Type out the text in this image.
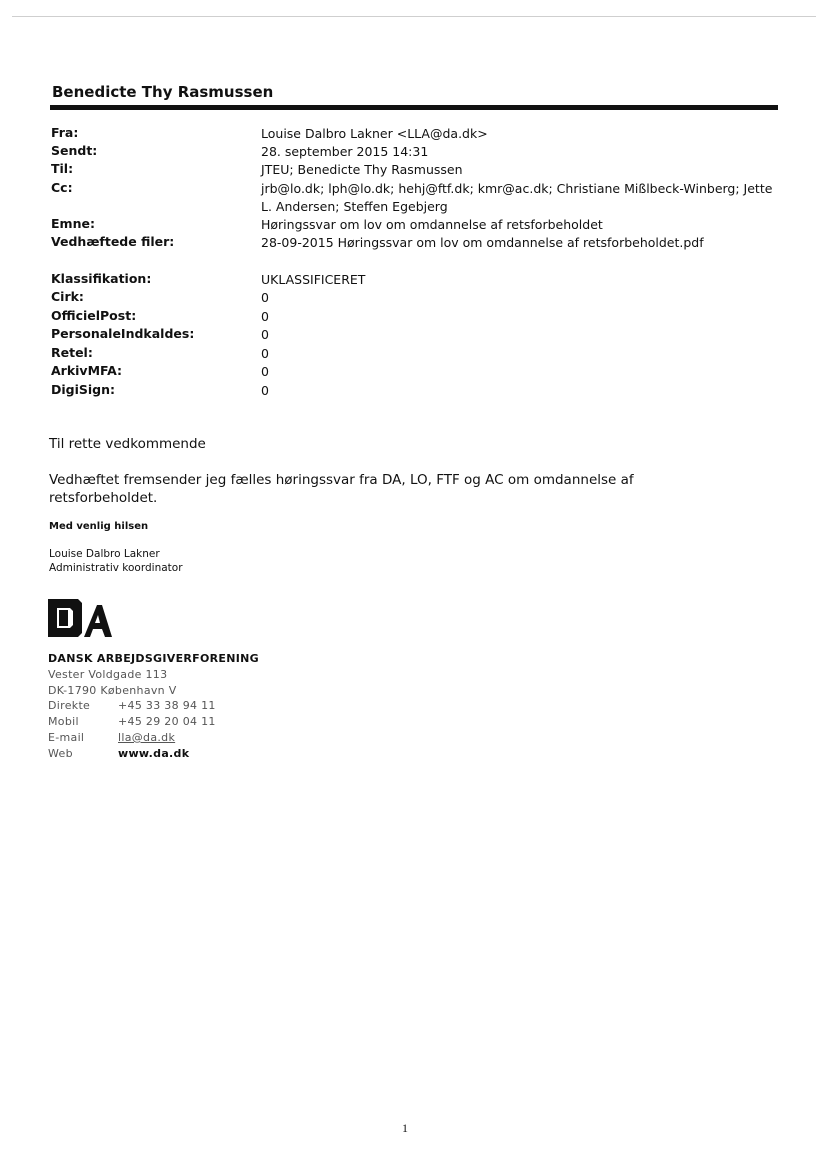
Benedicte Thy Rasmussen
Fra:	Louise Dalbro Lakner <LLA@da.dk>
Sendt:	28. september 2015 14:31
Til:	JTEU; Benedicte Thy Rasmussen
Cc:	jrb@lo.dk; lph@lo.dk; hehj@ftf.dk; kmr@ac.dk; Christiane Mißlbeck-Winberg; Jette L. Andersen; Steffen Egebjerg
Emne:	Høringssvar om lov om omdannelse af retsforbeholdet
Vedhæftede filer:	28-09-2015 Høringssvar om lov om omdannelse af retsforbeholdet.pdf
Klassifikation:	UKLASSIFICERET
Cirk:	0
OfficielPost:	0
PersonaleIndkaldes:	0
Retel:	0
ArkivMFA:	0
DigiSign:	0
Til rette vedkommende
Vedhæftet fremsender jeg fælles høringssvar fra DA, LO, FTF og AC om omdannelse af retsforbeholdet.
Med venlig hilsen
Louise Dalbro Lakner
Administrativ koordinator
DANSK ARBEJDSGIVERFORENING
Vester Voldgade 113
DK-1790 København V
Direkte	+45 33 38 94 11
Mobil	+45 29 20 04 11
E-mail	lla@da.dk
Web	www.da.dk
1
